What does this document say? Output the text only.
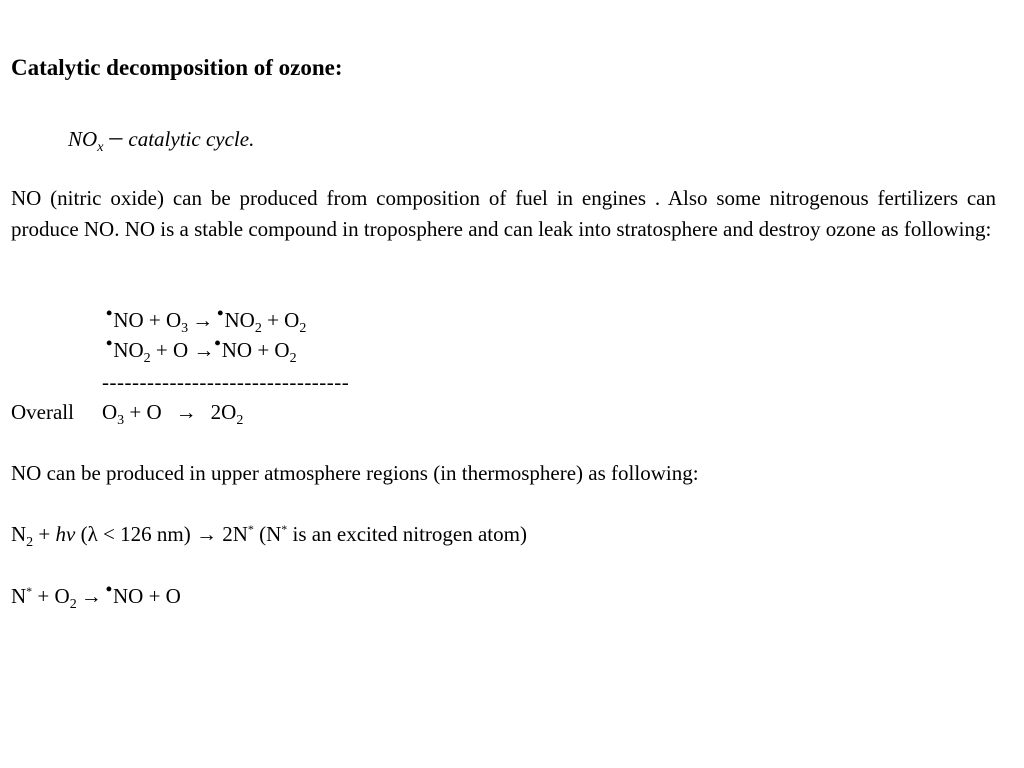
Catalytic decomposition of ozone:
$NO_x$ – catalytic cycle.
NO (nitric oxide) can be produced from composition of fuel in engines . Also some nitrogenous fertilizers can produce NO. NO is a stable compound in troposphere and can leak into stratosphere and destroy ozone as following:
•NO + $O_3$ → $•NO_2 + O_2$
$•NO_2 + O$ →•NO + $O_2$
---------------------------------
Overall $O_3 + O \to 2O_2$
NO can be produced in upper atmosphere regions (in thermosphere) as following:
$N_2$ + hv (λ < 126 nm) → 2N* (N* is an excited nitrogen atom)
$N^* + O_2$ → •NO + O
